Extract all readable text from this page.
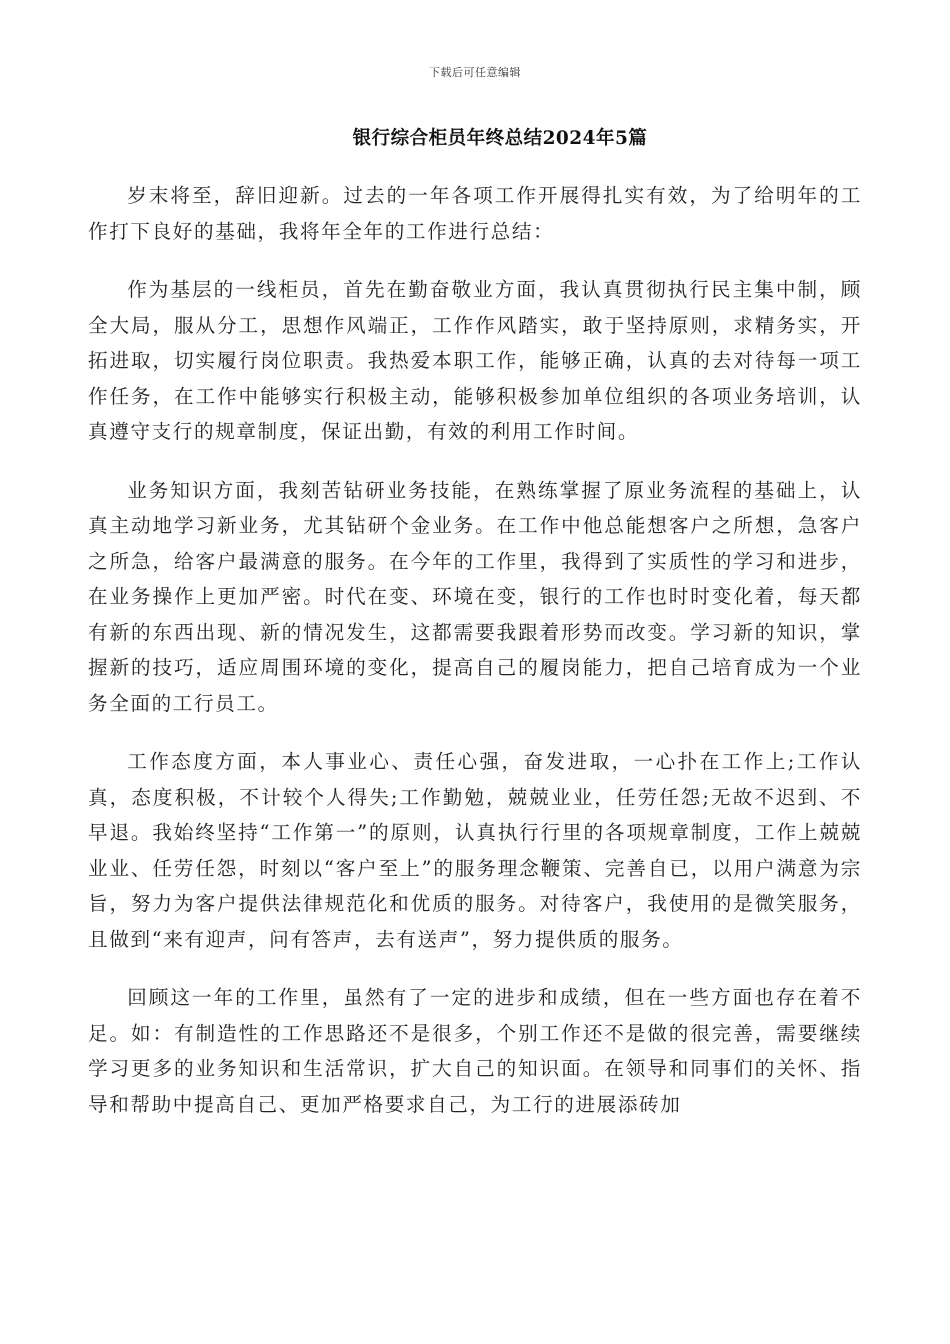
下载后可任意编辑
银行综合柜员年终总结2024年5篇

岁末将至，辞旧迎新。过去的一年各项工作开展得扎实有效，为了给明年的工作打下良好的基础，我将年全年的工作进行总结：

作为基层的一线柜员，首先在勤奋敬业方面，我认真贯彻执行民主集中制，顾全大局，服从分工，思想作风端正，工作作风踏实，敢于坚持原则，求精务实，开拓进取，切实履行岗位职责。我热爱本职工作，能够正确，认真的去对待每一项工作任务，在工作中能够实行积极主动，能够积极参加单位组织的各项业务培训，认真遵守支行的规章制度，保证出勤，有效的利用工作时间。

业务知识方面，我刻苦钻研业务技能，在熟练掌握了原业务流程的基础上，认真主动地学习新业务，尤其钻研个金业务。在工作中他总能想客户之所想，急客户之所急，给客户最满意的服务。在今年的工作里，我得到了实质性的学习和进步，在业务操作上更加严密。时代在变、环境在变，银行的工作也时时变化着，每天都有新的东西出现、新的情况发生，这都需要我跟着形势而改变。学习新的知识，掌握新的技巧，适应周围环境的变化，提高自己的履岗能力，把自己培育成为一个业务全面的工行员工。

工作态度方面，本人事业心、责任心强，奋发进取，一心扑在工作上;工作认真，态度积极，不计较个人得失;工作勤勉，兢兢业业，任劳任怨;无故不迟到、不早退。我始终坚持“工作第一”的原则，认真执行行里的各项规章制度，工作上兢兢业业、任劳任怨，时刻以“客户至上”的服务理念鞭策、完善自已，以用户满意为宗旨，努力为客户提供法律规范化和优质的服务。对待客户，我使用的是微笑服务，且做到“来有迎声，问有答声，去有送声”，努力提供质的服务。

回顾这一年的工作里，虽然有了一定的进步和成绩，但在一些方面也存在着不足。如：有制造性的工作思路还不是很多，个别工作还不是做的很完善，需要继续学习更多的业务知识和生活常识，扩大自己的知识面。在领导和同事们的关怀、指导和帮助中提高自己、更加严格要求自己，为工行的进展添砖加
